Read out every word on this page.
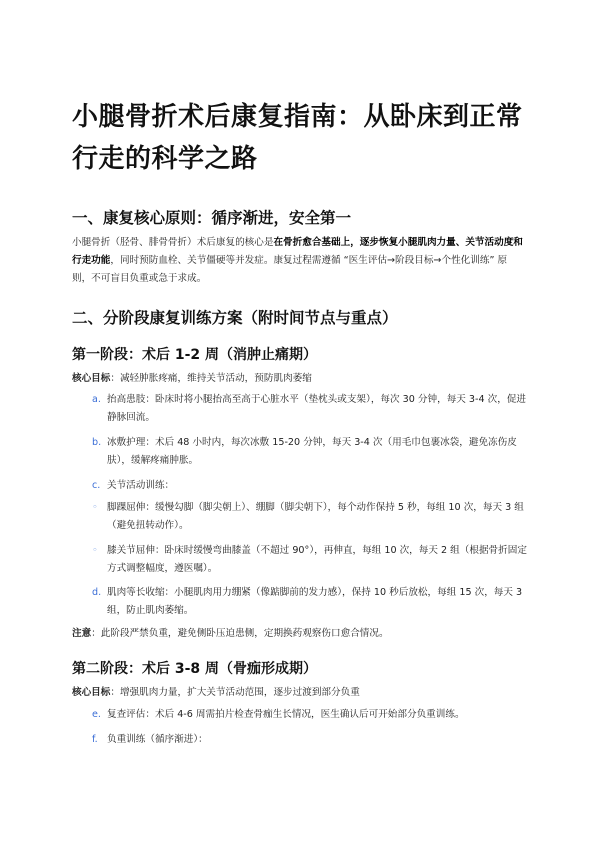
小腿骨折术后康复指南：从卧床到正常行走的科学之路
一、康复核心原则：循序渐进，安全第一

小腿骨折（胫骨、腓骨骨折）术后康复的核心是在骨折愈合基础上，逐步恢复小腿肌肉力量、关节活动度和行走功能，同时预防血栓、关节僵硬等并发症。康复过程需遵循 “医生评估→阶段目标→个性化训练” 原则，不可盲目负重或急于求成。

二、分阶段康复训练方案（附时间节点与重点）
第一阶段：术后 1-2 周（消肿止痛期）

核心目标：减轻肿胀疼痛，维持关节活动，预防肌肉萎缩

a. 抬高患肢：卧床时将小腿抬高至高于心脏水平（垫枕头或支架），每次 30 分钟，每天 3-4 次，促进静脉回流。
b. 冰敷护理：术后 48 小时内，每次冰敷 15-20 分钟，每天 3-4 次（用毛巾包裹冰袋，避免冻伤皮肤），缓解疼痛肿胀。
c. 关节活动训练：
◦ 脚踝屈伸：缓慢勾脚（脚尖朝上）、绷脚（脚尖朝下），每个动作保持 5 秒，每组 10 次，每天 3 组（避免扭转动作）。
◦ 膝关节屈伸：卧床时缓慢弯曲膝盖（不超过 90°），再伸直，每组 10 次，每天 2 组（根据骨折固定方式调整幅度，遵医嘱）。
d. 肌肉等长收缩：小腿肌肉用力绷紧（像踮脚前的发力感），保持 10 秒后放松，每组 15 次，每天 3 组，防止肌肉萎缩。

注意：此阶段严禁负重，避免侧卧压迫患侧，定期换药观察伤口愈合情况。

第二阶段：术后 3-8 周（骨痂形成期）

核心目标：增强肌肉力量，扩大关节活动范围，逐步过渡到部分负重

e. 复查评估：术后 4-6 周需拍片检查骨痂生长情况，医生确认后可开始部分负重训练。
f. 负重训练（循序渐进）：
